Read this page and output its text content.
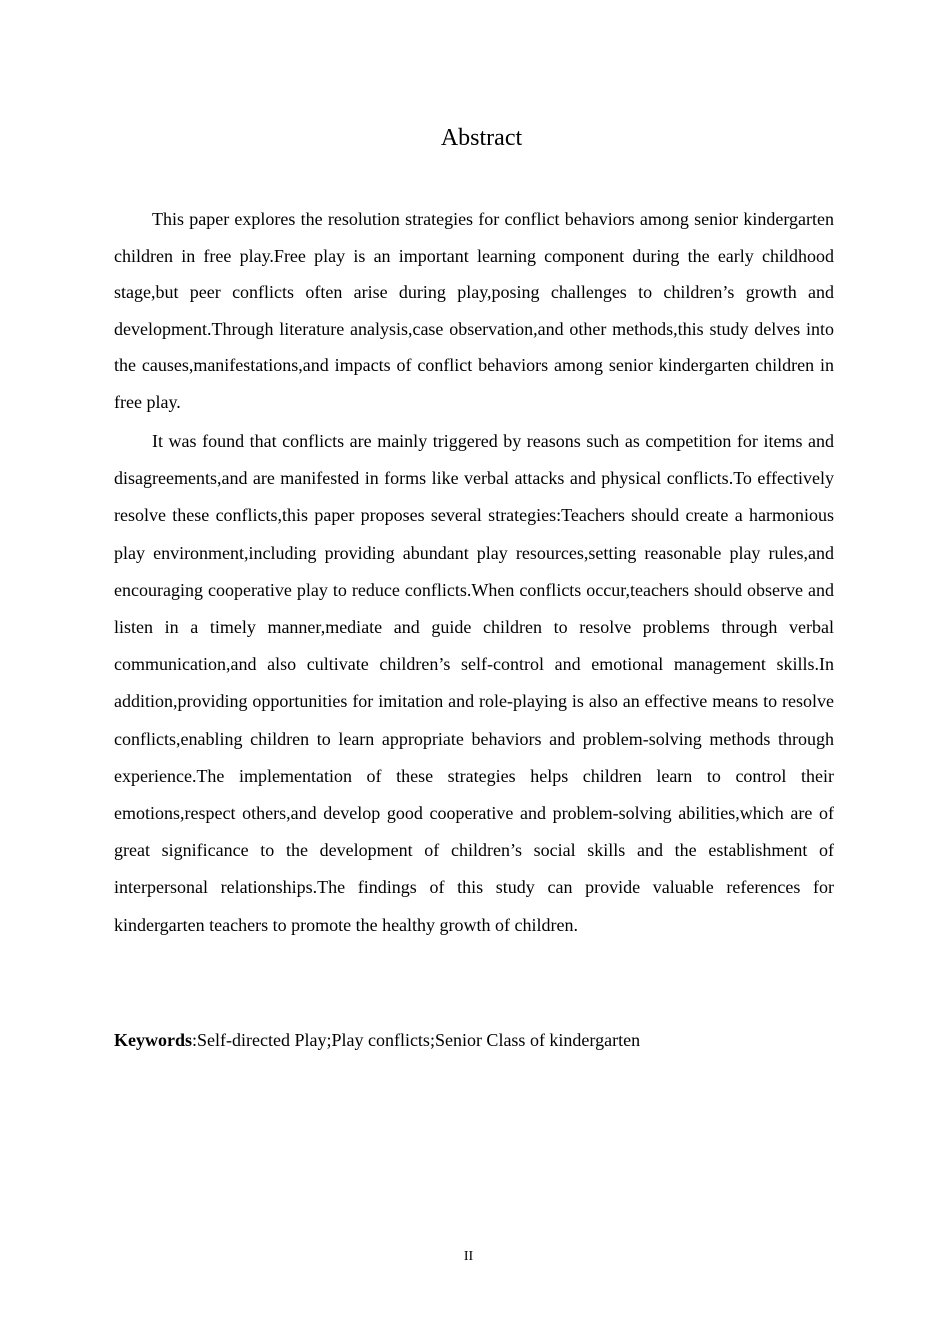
Abstract

This paper explores the resolution strategies for conflict behaviors among senior kindergarten children in free play.Free play is an important learning component during the early childhood stage,but peer conflicts often arise during play,posing challenges to children’s growth and development.Through literature analysis,case observation,and other methods,this study delves into the causes,manifestations,and impacts of conflict behaviors among senior kindergarten children in free play.

It was found that conflicts are mainly triggered by reasons such as competition for items and disagreements,and are manifested in forms like verbal attacks and physical conflicts.To effectively resolve these conflicts,this paper proposes several strategies:Teachers should create a harmonious play environment,including providing abundant play resources,setting reasonable play rules,and encouraging cooperative play to reduce conflicts.When conflicts occur,teachers should observe and listen in a timely manner,mediate and guide children to resolve problems through verbal communication,and also cultivate children’s self-control and emotional management skills.In addition,providing opportunities for imitation and role-playing is also an effective means to resolve conflicts,enabling children to learn appropriate behaviors and problem-solving methods through experience.The implementation of these strategies helps children learn to control their emotions,respect others,and develop good cooperative and problem-solving abilities,which are of great significance to the development of children’s social skills and the establishment of interpersonal relationships.The findings of this study can provide valuable references for kindergarten teachers to promote the healthy growth of children.

Keywords:Self-directed Play;Play conflicts;Senior Class of kindergarten

II
